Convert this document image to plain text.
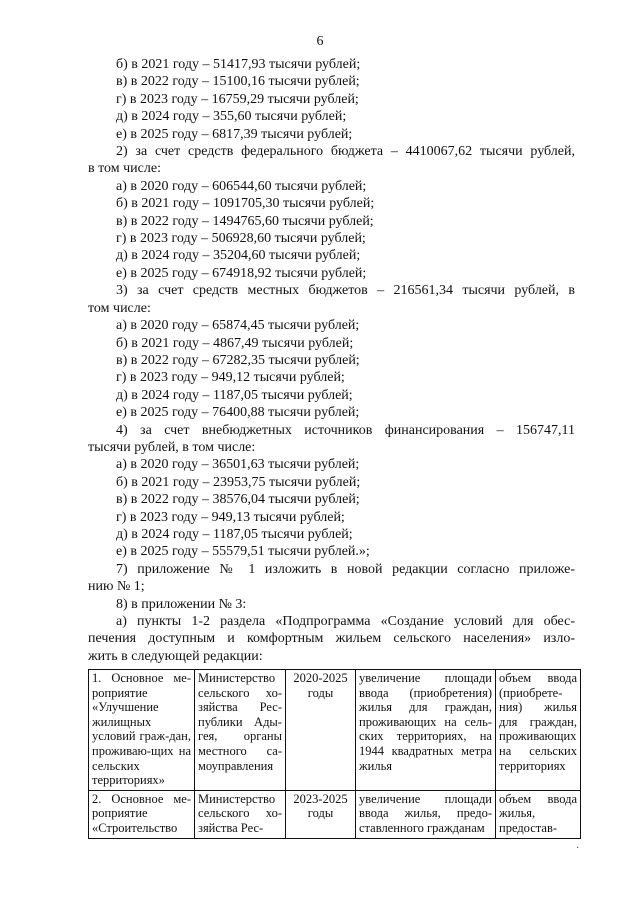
6
б) в 2021 году – 51417,93 тысячи рублей;
в) в 2022 году – 15100,16 тысячи рублей;
г) в 2023 году – 16759,29 тысячи рублей;
д) в 2024 году – 355,60 тысячи рублей;
е) в 2025 году – 6817,39 тысячи рублей;
2) за счет средств федерального бюджета – 4410067,62 тысячи рублей,
в том числе:
а) в 2020 году – 606544,60 тысячи рублей;
б) в 2021 году – 1091705,30 тысячи рублей;
в) в 2022 году – 1494765,60 тысячи рублей;
г) в 2023 году – 506928,60 тысячи рублей;
д) в 2024 году – 35204,60 тысячи рублей;
е) в 2025 году – 674918,92 тысячи рублей;
3) за счет средств местных бюджетов – 216561,34 тысячи рублей, в
том числе:
а) в 2020 году – 65874,45 тысячи рублей;
б) в 2021 году – 4867,49 тысячи рублей;
в) в 2022 году – 67282,35 тысячи рублей;
г) в 2023 году – 949,12 тысячи рублей;
д) в 2024 году – 1187,05 тысячи рублей;
е) в 2025 году – 76400,88 тысячи рублей;
4) за счет внебюджетных источников финансирования – 156747,11
тысячи рублей, в том числе:
а) в 2020 году – 36501,63 тысячи рублей;
б) в 2021 году – 23953,75 тысячи рублей;
в) в 2022 году – 38576,04 тысячи рублей;
г) в 2023 году – 949,13 тысячи рублей;
д) в 2024 году – 1187,05 тысячи рублей;
е) в 2025 году – 55579,51 тысячи рублей.»;
7) приложение № 1 изложить в новой редакции согласно приложе-
нию № 1;
8) в приложении № 3:
а) пункты 1-2 раздела «Подпрограмма «Создание условий для обес-
печения доступным и комфортным жильем сельского населения» изло-
жить в следующей редакции:
1. Основное ме-роприятие «Улучшение жилищных условий граж-дан, проживаю-щих на сельских территориях»	Министерство сельского хо-зяйства Рес-публики Ады-гея, органы местного са-моуправления	2020-2025 годы	увеличение площади ввода (приобретения) жилья для граждан, проживающих на сель-ских территориях, на 1944 квадратных метра жилья	объем ввода (приобрете-ния) жилья для граждан, проживающих на сельских территориях
2. Основное ме-роприятие «Строительство	Министерство сельского хо-зяйства Рес-	2023-2025 годы	увеличение площади ввода жилья, предо-ставленного гражданам	объем ввода жилья, предостав-
·
